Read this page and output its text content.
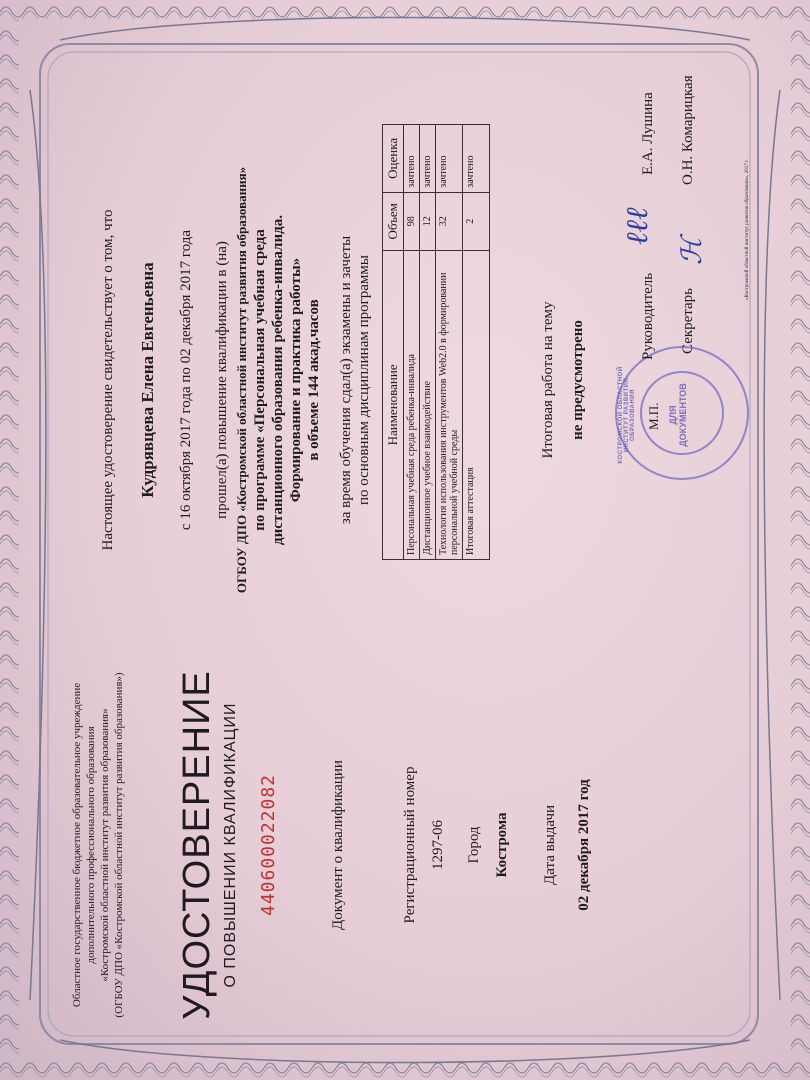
Областное государственное бюджетное образовательное учреждение дополнительного профессионального образования «Костромской областной институт развития образования» (ОГБОУ ДПО «Костромской областной институт развития образования») УДОСТОВЕРЕНИЕ О ПОВЫШЕНИИ КВАЛИФИКАЦИИ 440600022082	Документ о квалификации	Регистрационный номер 1297-06 Город Кострома Дата выдачи 02 декабря 2017 год
Настоящее удостоверение свидетельствует о том, что Кудрявцева Елена Евгеньевна с 16 октября 2017 года по 02 декабря 2017 года прошел(а) повышение квалификации в (на) ОГБОУ ДПО «Костромской областной институт развития образования» по программе «Персональная учебная среда дистанционного образования ребенка-инвалида. Формирование и практика работы» в объеме 144 акад.часов за время обучения сдал(а) экзамены и зачеты по основным дисциплинам программы Наименование	Объем	Оценка
Персональная учебная среда ребенка-инвалида	98	зачтено
Дистанционное учебное взаимодействие	12	зачтено
Технология использования инструментов Web2.0 в формировании персональной учебной среды	32	зачтено
Итоговая аттестация	2	зачтено
Итоговая работа на тему не предусмотрено	КОСТРОМСКОЙ ОБЛАСТНОЙ ИНСТИТУТ РАЗВИТИЯ ОБРАЗОВАНИЯ	ДЛЯ ДОКУМЕНТОВ
М.П.
Руководитель Секретарь
ℓℓℓ
ℋ
Е.А. Лушина О.Н. Комарицкая
«Костромской областной институт развития образования», 2017 г.
